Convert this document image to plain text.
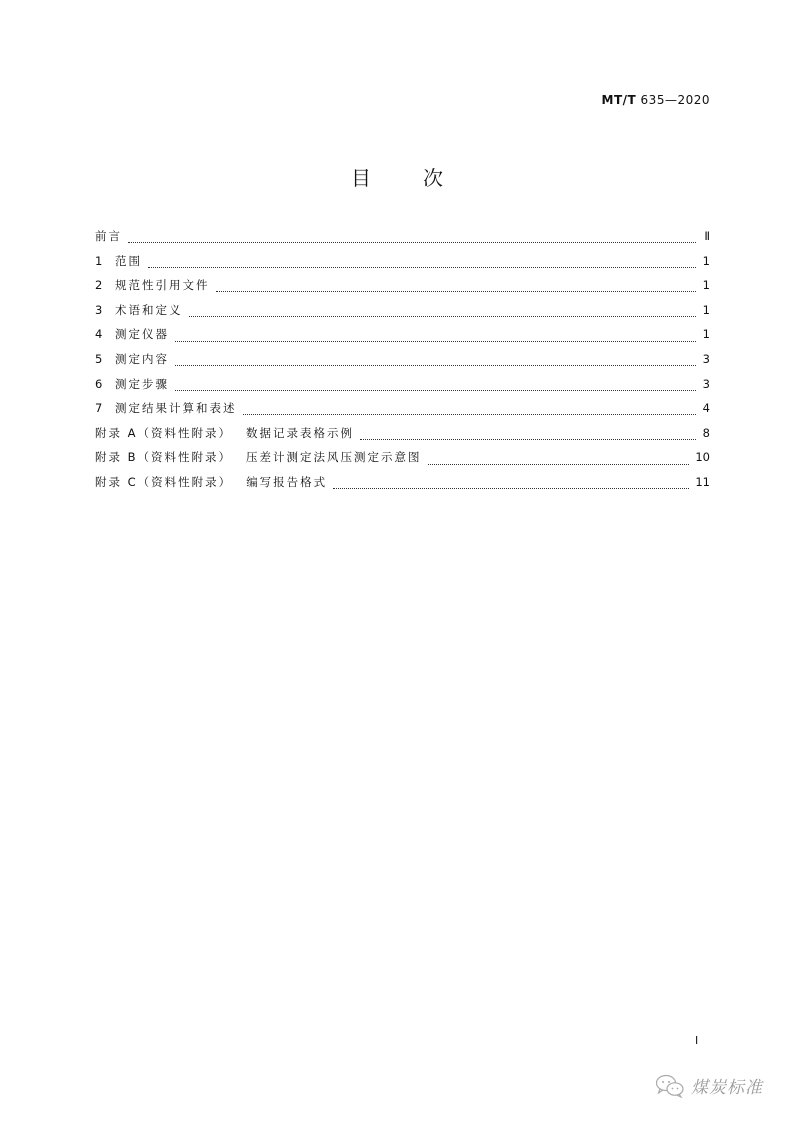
MT/T 635—2020
目	次
前言	Ⅱ
1	范围	1
2	规范性引用文件	1
3	术语和定义	1
4	测定仪器	1
5	测定内容	3
6	测定步骤	3
7	测定结果计算和表述	4
附录 A（资料性附录） 数据记录表格示例	8
附录 B（资料性附录） 压差计测定法风压测定示意图	10
附录 C（资料性附录） 编写报告格式	11
I
煤炭标准
